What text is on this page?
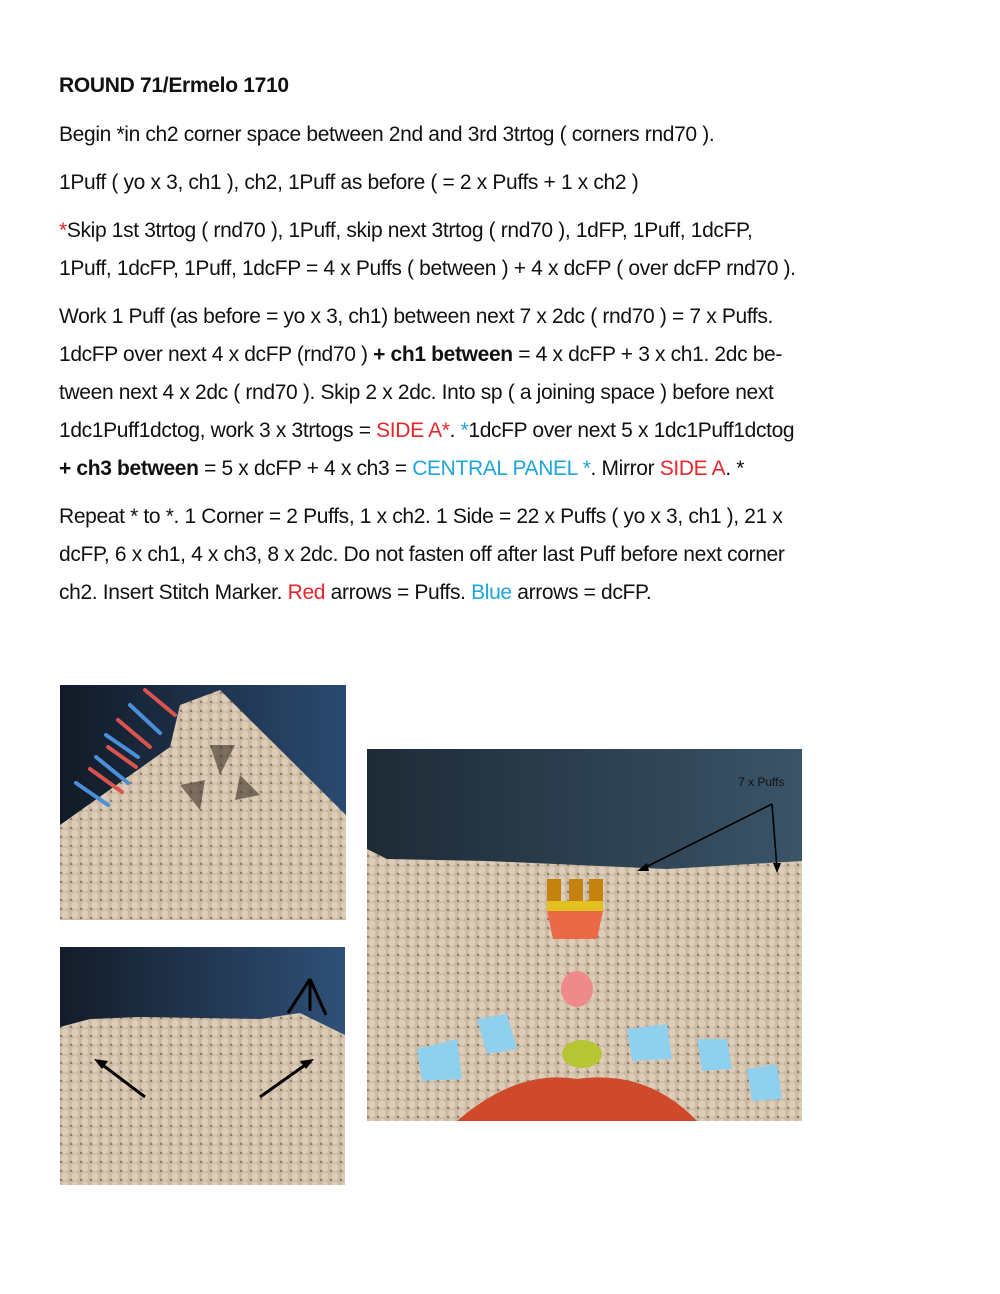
ROUND 71/Ermelo 1710
Begin *in ch2 corner space between 2nd and 3rd 3trtog ( corners rnd70 ).
1Puff ( yo x 3, ch1 ), ch2, 1Puff as before ( = 2 x Puffs + 1 x ch2 )
*Skip 1st 3trtog ( rnd70 ), 1Puff, skip next 3trtog ( rnd70 ), 1dFP, 1Puff, 1dcFP,
1Puff, 1dcFP, 1Puff, 1dcFP = 4 x Puffs ( between ) + 4 x dcFP ( over dcFP rnd70 ).
Work 1 Puff (as before = yo x 3, ch1) between next 7 x 2dc ( rnd70 ) = 7 x Puffs.
1dcFP over next 4 x dcFP (rnd70 ) + ch1 between = 4 x dcFP + 3 x ch1. 2dc be-
tween next 4 x 2dc ( rnd70 ). Skip 2 x 2dc. Into sp ( a joining space ) before next
1dc1Puff1dctog, work 3 x 3trtogs = SIDE A*. *1dcFP over next 5 x 1dc1Puff1dctog
+ ch3 between = 5 x dcFP + 4 x ch3 = CENTRAL PANEL *. Mirror SIDE A. *
Repeat * to *. 1 Corner = 2 Puffs, 1 x ch2. 1 Side = 22 x Puffs ( yo x 3, ch1 ), 21 x
dcFP, 6 x ch1, 4 x ch3, 8 x 2dc. Do not fasten off after last Puff before next corner
ch2. Insert Stitch Marker. Red arrows = Puffs. Blue arrows = dcFP.
7 x Puffs
